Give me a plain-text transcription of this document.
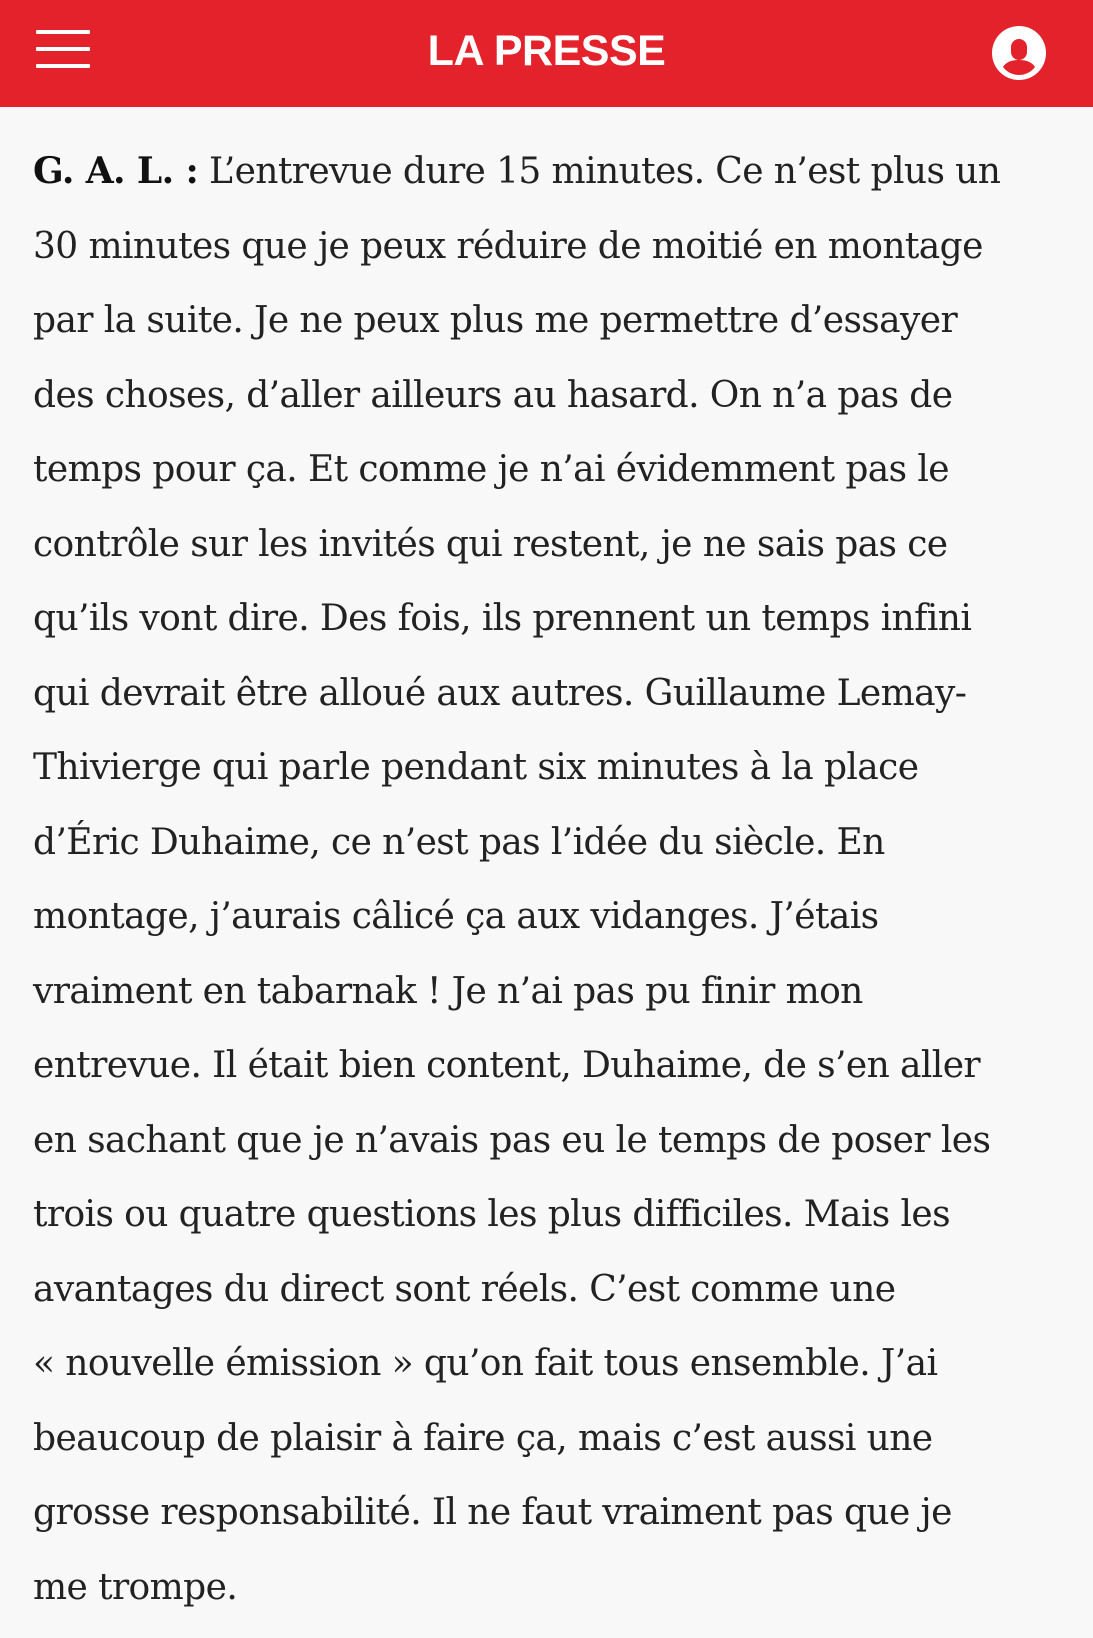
LA PRESSE
G. A. L. : L’entrevue dure 15 minutes. Ce n’est plus un
30 minutes que je peux réduire de moitié en montage
par la suite. Je ne peux plus me permettre d’essayer
des choses, d’aller ailleurs au hasard. On n’a pas de
temps pour ça. Et comme je n’ai évidemment pas le
contrôle sur les invités qui restent, je ne sais pas ce
qu’ils vont dire. Des fois, ils prennent un temps infini
qui devrait être alloué aux autres. Guillaume Lemay-
Thivierge qui parle pendant six minutes à la place
d’Éric Duhaime, ce n’est pas l’idée du siècle. En
montage, j’aurais câlicé ça aux vidanges. J’étais
vraiment en tabarnak ! Je n’ai pas pu finir mon
entrevue. Il était bien content, Duhaime, de s’en aller
en sachant que je n’avais pas eu le temps de poser les
trois ou quatre questions les plus difficiles. Mais les
avantages du direct sont réels. C’est comme une
« nouvelle émission » qu’on fait tous ensemble. J’ai
beaucoup de plaisir à faire ça, mais c’est aussi une
grosse responsabilité. Il ne faut vraiment pas que je
me trompe.
